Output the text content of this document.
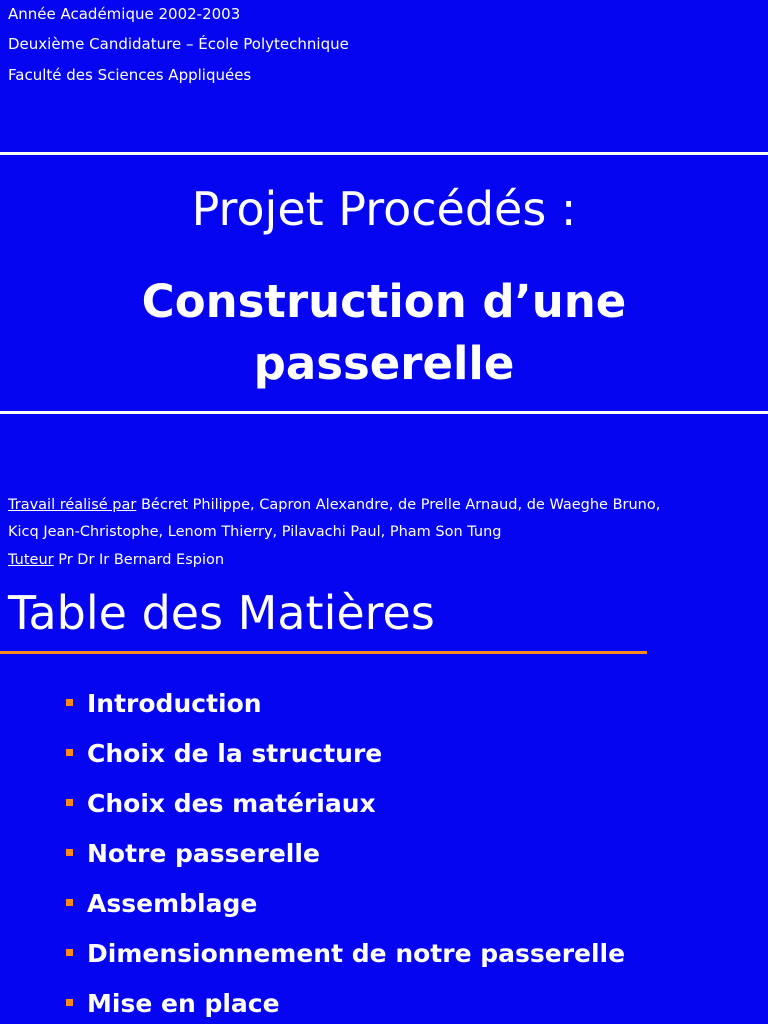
Année Académique 2002-2003
Deuxième Candidature – École Polytechnique
Faculté des Sciences Appliquées
Projet Procédés :
Construction d’une
passerelle
Travail réalisé par Bécret Philippe, Capron Alexandre, de Prelle Arnaud, de Waeghe Bruno,
Kicq Jean-Christophe, Lenom Thierry, Pilavachi Paul, Pham Son Tung
Tuteur Pr Dr Ir Bernard Espion
Table des Matières
Introduction
Choix de la structure
Choix des matériaux
Notre passerelle
Assemblage
Dimensionnement de notre passerelle
Mise en place
